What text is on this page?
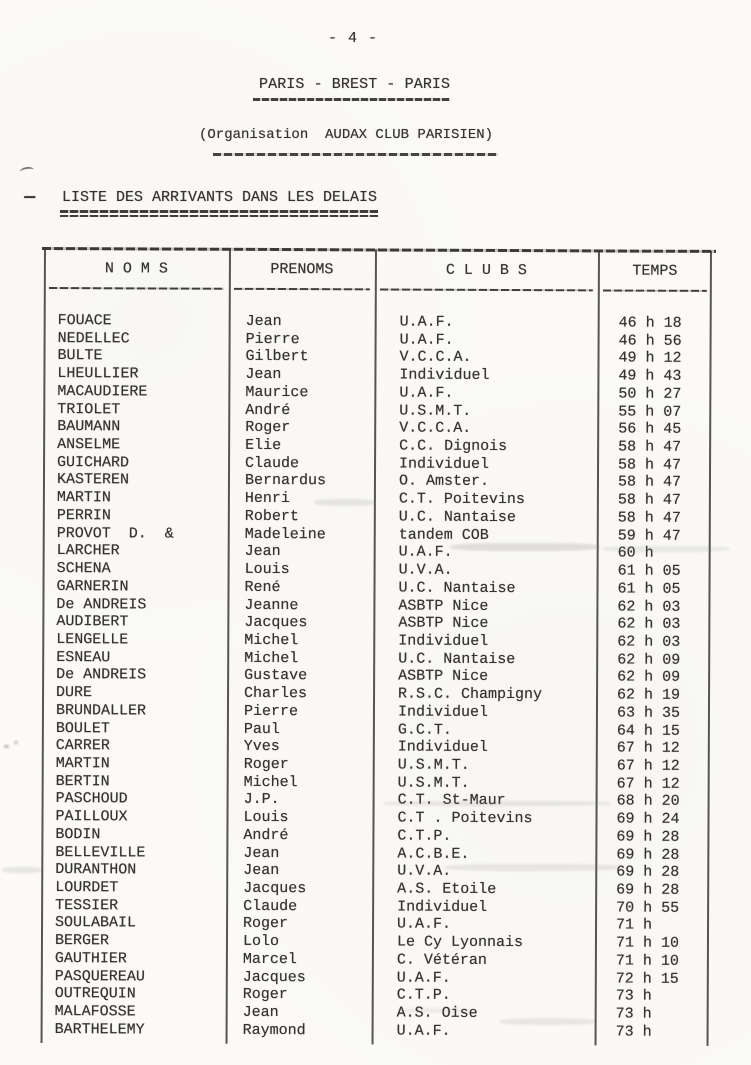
- 4 -
PARIS - BREST - PARIS
(Organisation  AUDAX CLUB PARISIEN)
- LISTE DES ARRIVANTS DANS LES DELAIS
N O M S	PRENOMS	C L U B S	TEMPS
FOUACE	Jean	U.A.F.	46 h 18
NEDELLEC	Pierre	U.A.F.	46 h 56
BULTE	Gilbert	V.C.C.A.	49 h 12
LHEULLIER	Jean	Individuel	49 h 43
MACAUDIERE	Maurice	U.A.F.	50 h 27
TRIOLET	André	U.S.M.T.	55 h 07
BAUMANN	Roger	V.C.C.A.	56 h 45
ANSELME	Elie	C.C. Dignois	58 h 47
GUICHARD	Claude	Individuel	58 h 47
KASTEREN	Bernardus	O. Amster.	58 h 47
MARTIN	Henri	C.T. Poitevins	58 h 47
PERRIN	Robert	U.C. Nantaise	58 h 47
PROVOT  D.  &	Madeleine	tandem COB	59 h 47
LARCHER	Jean	U.A.F.	60 h
SCHENA	Louis	U.V.A.	61 h 05
GARNERIN	René	U.C. Nantaise	61 h 05
De ANDREIS	Jeanne	ASBTP Nice	62 h 03
AUDIBERT	Jacques	ASBTP Nice	62 h 03
LENGELLE	Michel	Individuel	62 h 03
ESNEAU	Michel	U.C. Nantaise	62 h 09
De ANDREIS	Gustave	ASBTP Nice	62 h 09
DURE	Charles	R.S.C. Champigny	62 h 19
BRUNDALLER	Pierre	Individuel	63 h 35
BOULET	Paul	G.C.T.	64 h 15
CARRER	Yves	Individuel	67 h 12
MARTIN	Roger	U.S.M.T.	67 h 12
BERTIN	Michel	U.S.M.T.	67 h 12
PASCHOUD	J.P.	C.T. St-Maur	68 h 20
PAILLOUX	Louis	C.T . Poitevins	69 h 24
BODIN	André	C.T.P.	69 h 28
BELLEVILLE	Jean	A.C.B.E.	69 h 28
DURANTHON	Jean	U.V.A.	69 h 28
LOURDET	Jacques	A.S. Etoile	69 h 28
TESSIER	Claude	Individuel	70 h 55
SOULABAIL	Roger	U.A.F.	71 h
BERGER	Lolo	Le Cy Lyonnais	71 h 10
GAUTHIER	Marcel	C. Vétéran	71 h 10
PASQUEREAU	Jacques	U.A.F.	72 h 15
OUTREQUIN	Roger	C.T.P.	73 h
MALAFOSSE	Jean	A.S. Oise	73 h
BARTHELEMY	Raymond	U.A.F.	73 h
